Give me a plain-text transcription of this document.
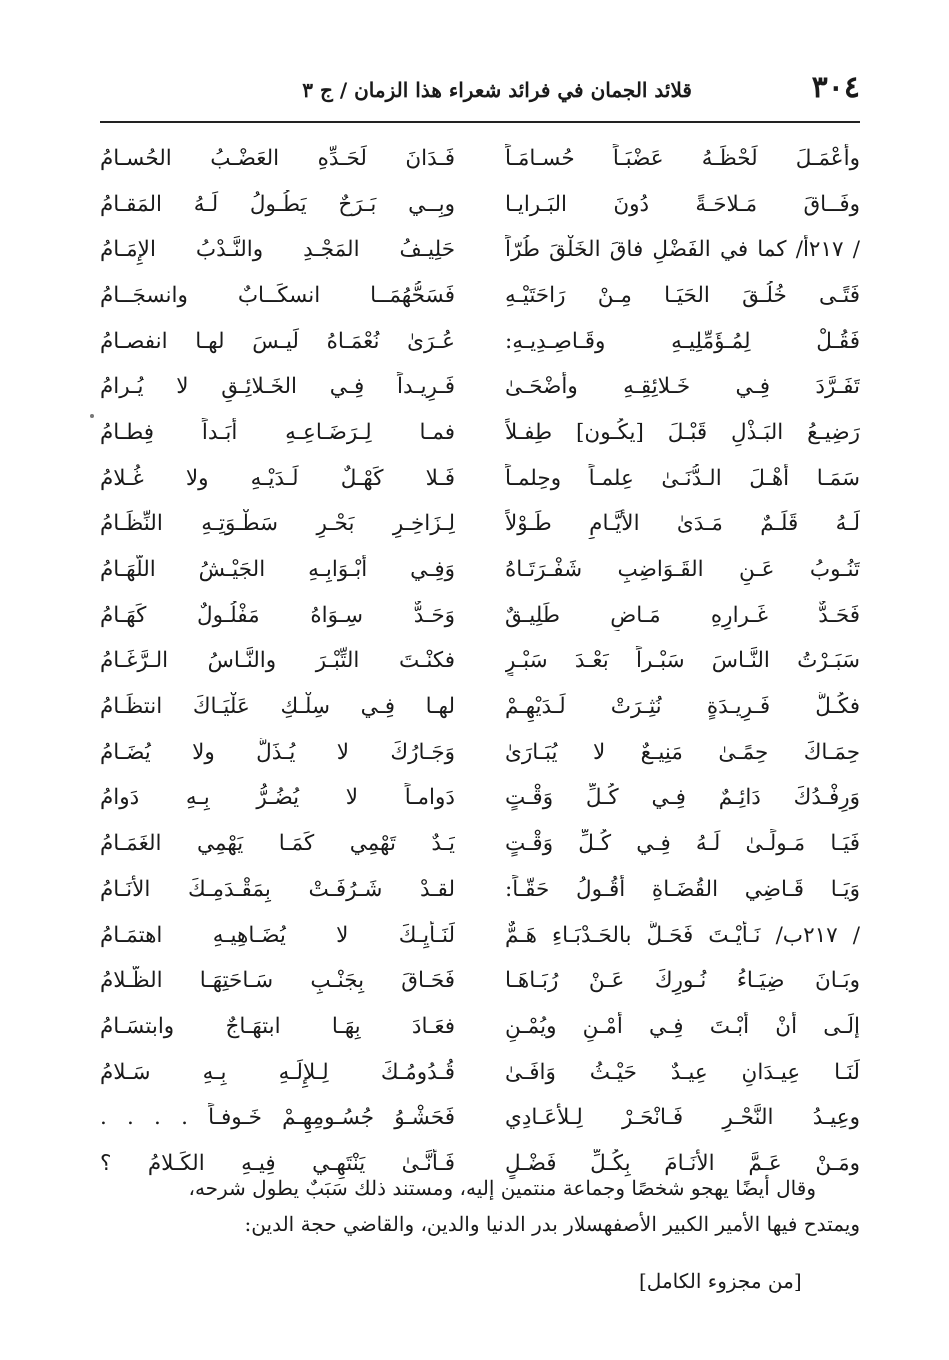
٣٠٤
قلائد الجمان في فرائد شعراء هذا الزمان / ج ٣
وأَعْمَـلَ لَحْظَـهُ عَضْبَـاً حُسـامَـاً
فَـدَانَ لَحَـدِّهِ العَضْـبُ الحُسـامُ
وفَــاقَ مَـلاحَـةً دُونَ البَـرايـا
وبِــي بَـرَحٌ يَطُـولُ لَـهُ المَقـامُ
/ ٢١٧أ/ كما في الفَضْلِ فاقَ الخَلْقَ طُرّاً
حَلِيـفُ المَجْـدِ والنَّـدْبُ الإِمَـامُ
فَتًـى خُلُـقَ الحَيَـا مِـنْ رَاحَتَيْـهِ
فَسَحُّهُمَــا انسكَــابٌ وانسجَــامُ
فَقُـلْ لِمُـؤَمِّلِيـهِ وقَـاصِـدِيـهِ:
عُـرَىٰ نُعْمَـاهُ لَيـسَ لهـا انفصـامُ
تَفَـرَّدَ فِـي خَـلائِقِـهِ وأَضْحَـىٰ
فَـرِيـداً فِـي الخَـلائِـقِ لا يُـرامُ
رَضِيـعُ البَـذْلِ قَبْـلَ [يكُـون] طِفـلاً
فمـا لِـرَضَـاعِـهِ أَبَـداً فِطـامُ
سَمَـا أَهْـلَ الـدُّنَـىٰ عِلمـاً وحِلمـاً
فَـلا كَهْـلٌ لَـدَيْـهِ ولا غُـلامُ
لَـهُ قَلَـمٌ مَـدَىٰ الأَيَّـامِ طَـوْلاً
لِـزَاخِـرِ بَحْـرِ سَطْـوَتِـهِ النِّظَـامُ
تَنُـوبُ عَـنِ القَـوَاضِبِ شَفْـرَتَـاهُ
وَفِـي أَبْـوَابِـهِ الجَيْـشُ اللُّهَـامُ
فَحَـدٌّ غَـرارِهِ مَـاضٍ طَلِيـقٌ
وَحَـدٌّ سِـوَاهُ مَفْلُـولٌ كَهَـامُ
سَبَـرْتُ النَّـاسَ سَبْـراً بَعْـدَ سَبْـرٍ
فكنْـتَ التِّبْـرَ والنَّـاسُ الـرَّغَـامُ
فكُـلُّ فَـرِيـدَةٍ نُثِـرَتْ لَـدَيْهِـمْ
لهـا فِـي سِلْـكِ عَلْيَـاكَ انتظَـامُ
حِمَـاكَ حِمًـىٰ مَنِيـعٌ لا يُبَـارَىٰ
وَجَـارُكَ لا يُـذَلُّ ولا يُضَـامُ
وَرِفْـدُكَ دَائِـمٌ فِـي كُـلِّ وَقْـتٍ
دَوامـاً لا يُضُـرُّ بِـهِ دَوامُ
فَيَـا مَـولًـىٰ لَـهُ فِـي كُـلِّ وَقْـتٍ
يَـدٌ تَهْمِي كَمَـا يَهْمِي الغَمَـامُ
وَيَـا قَـاضِي القُضَـاةِ أَقُـولُ حَقّـاً:
لقـدْ شَـرُفَـتْ بِمَقْـدَمِـكَ الأَنَـامُ
/ ٢١٧ب/ نَـأَيْـتَ فَحَـلَّ بالحَـدْبَـاءِ هَـمٌّ
لَنَـأْيِـكَ لا يُضَـاهِيـهِ اهتمَـامُ
وبَـانَ ضِيَـاءُ نُـورِكَ عَـنْ رُبَـاهَـا
فَحَـاقَ بِجَنْـبِ سَـاحَتِهَـا الظَّـلامُ
إلَـى أَنْ أُبْـتَ فِـي أَمْـنٍ ويُمْـنٍ
فعَـادَ بِهَـا ابتهَـاجٌ وابتسَـامُ
لَنَـا عِيـدَانِ عِيـدٌ حَيْـثُ وَافَـىٰ
قُـدُومُـكَ لِـلإِلَـهِ بِـهِ سَـلامُ
وعِيـدُ النَّحْـرِ فَـانْحَـرْ لِـلأَعَـادِي
فَحَشْـوُ جُسُـومِهِـمْ خَـوفـاً . . . .
ومَـنْ عَـمَّ الأَنَـامَ بِكُـلِّ فَضْـلٍ
فَـأَنَّـىٰ يَنْتَهِـي فِيـهِ الكَـلامُ ؟

وقال أيضًا يهجو شخصًا وجماعة منتمين إليه، ومستند ذلك سَبَبٌ يطول شرحه،

ويمتدح فيها الأمير الكبير الأصفهسلار بدر الدنيا والدين، والقاضي حجة الدين:

[من مجزوء الكامل]
